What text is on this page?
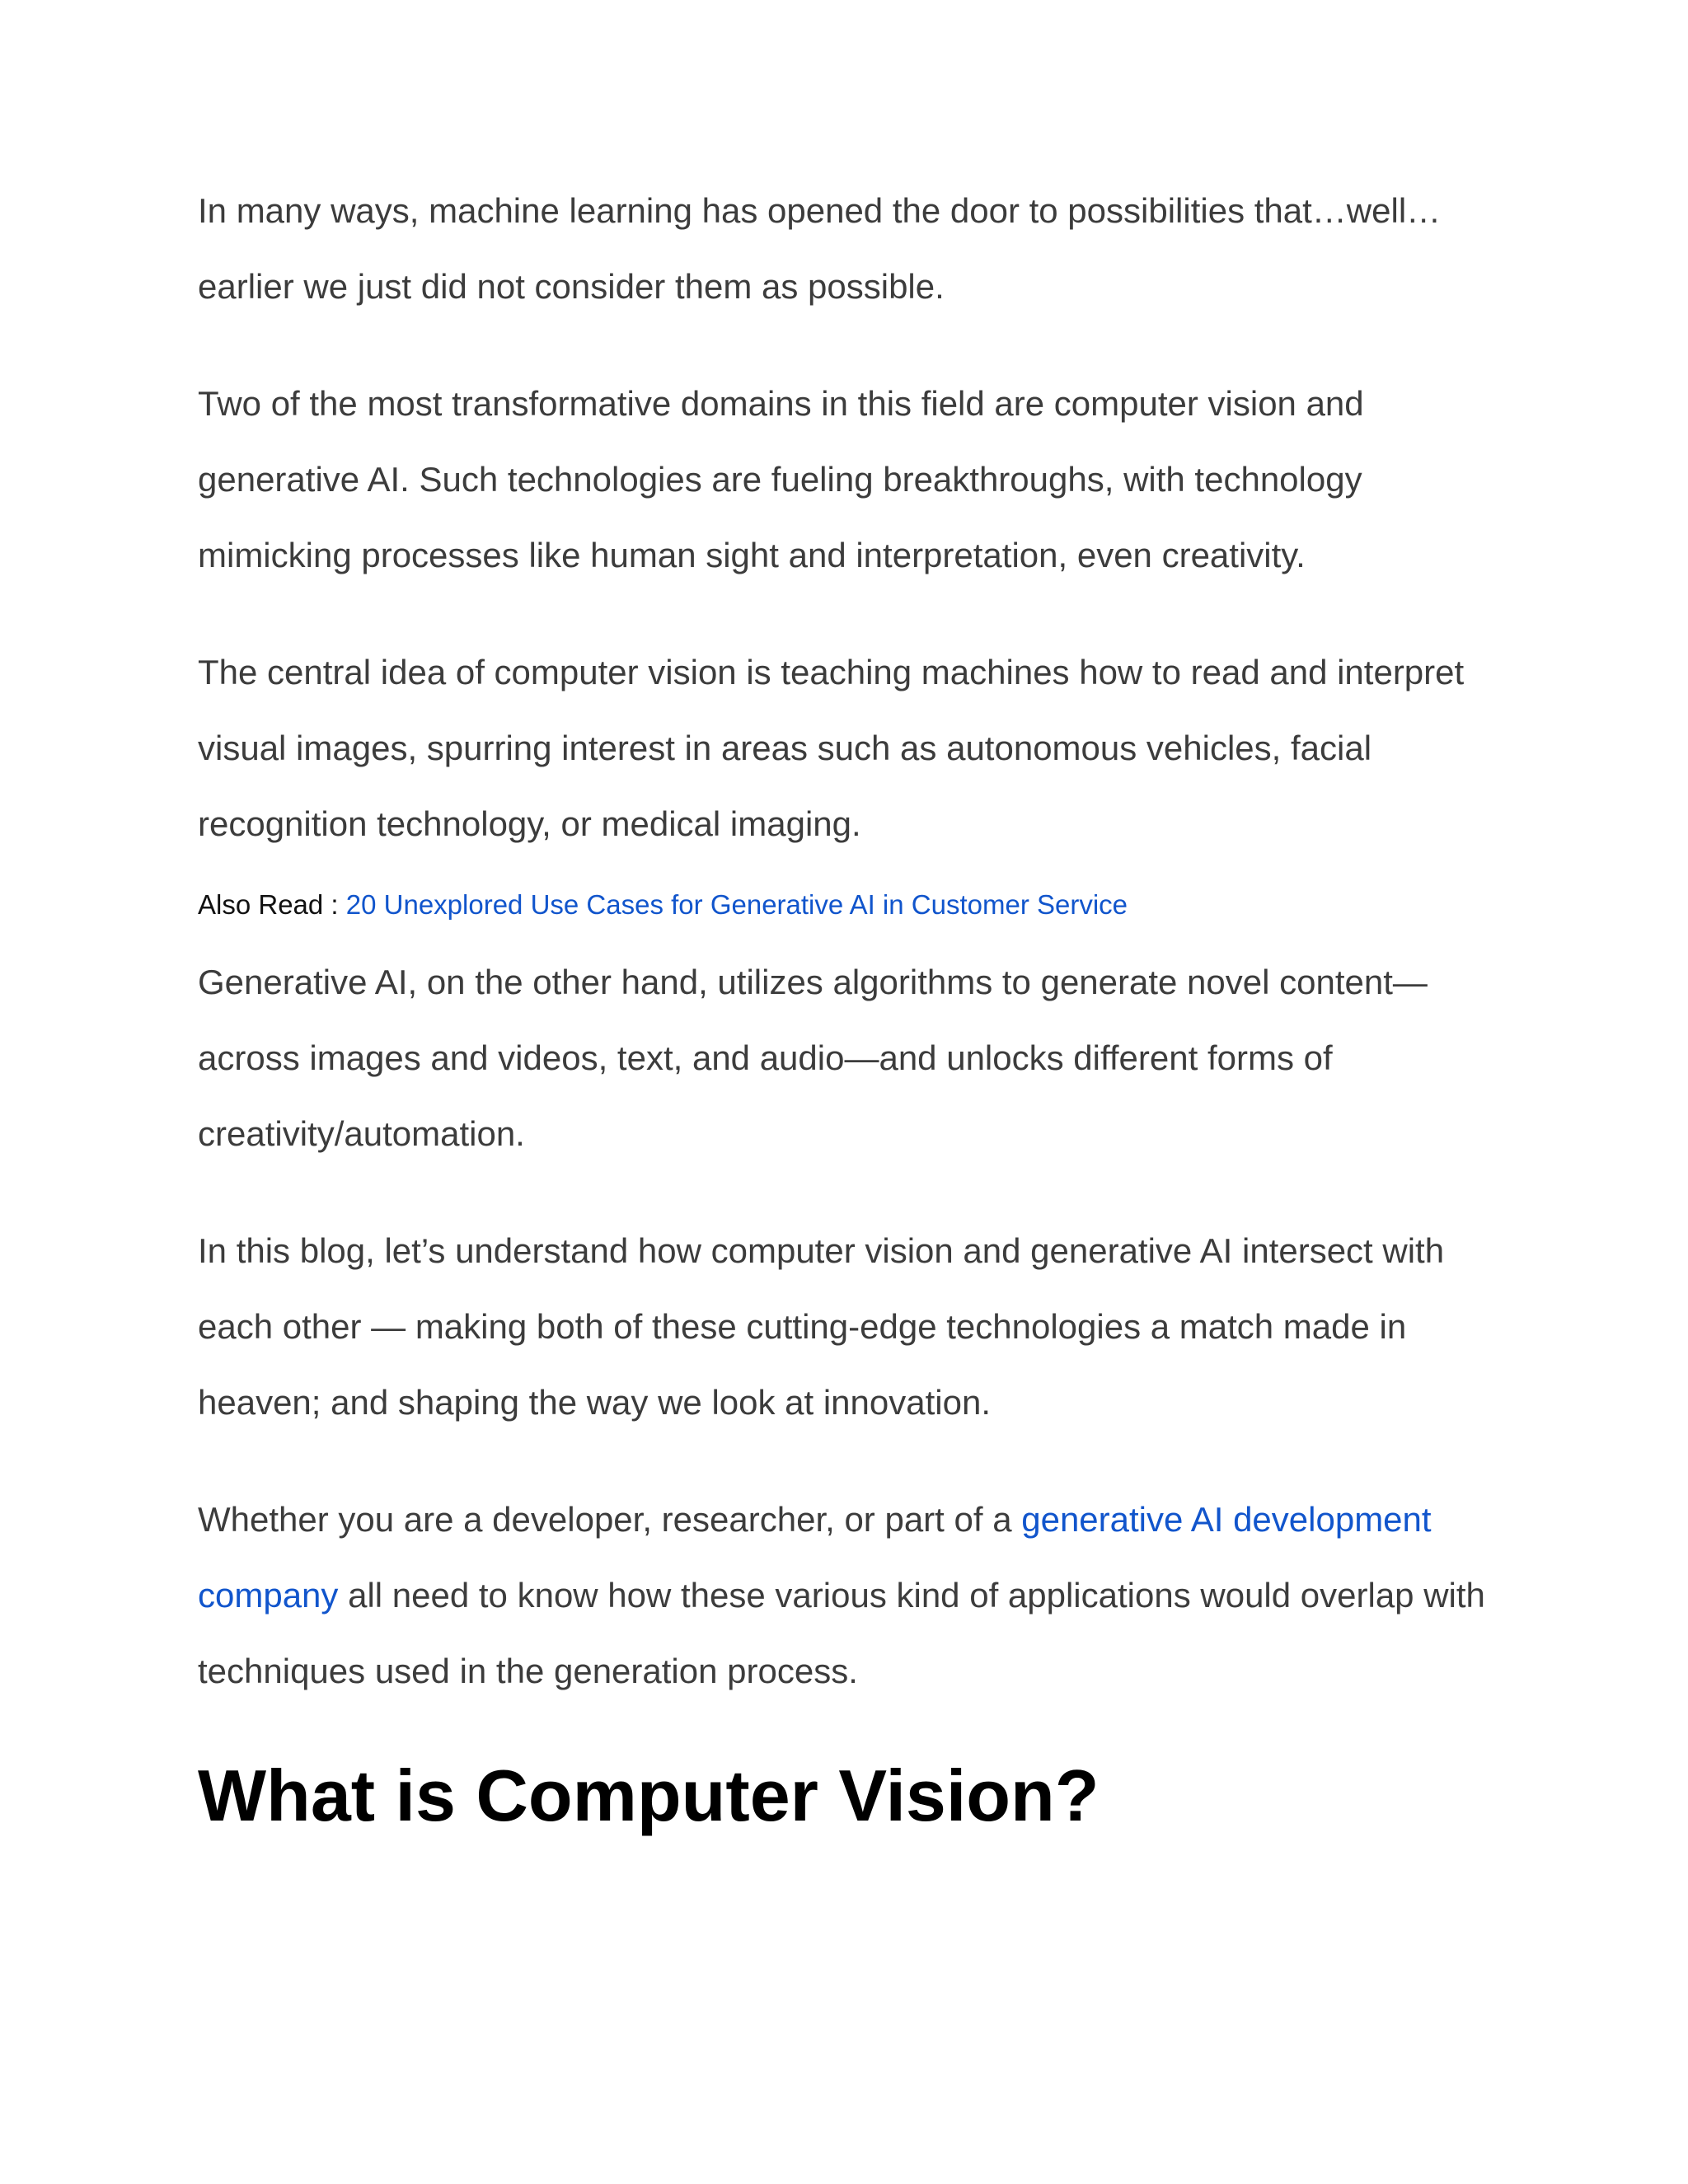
In many ways, machine learning has opened the door to possibilities that…well…earlier we just did not consider them as possible.

Two of the most transformative domains in this field are computer vision and generative AI. Such technologies are fueling breakthroughs, with technology mimicking processes like human sight and interpretation, even creativity.

The central idea of computer vision is teaching machines how to read and interpret visual images, spurring interest in areas such as autonomous vehicles, facial recognition technology, or medical imaging.

Also Read : 20 Unexplored Use Cases for Generative AI in Customer Service

Generative AI, on the other hand, utilizes algorithms to generate novel content—across images and videos, text, and audio—and unlocks different forms of creativity/automation.

In this blog, let’s understand how computer vision and generative AI intersect with each other — making both of these cutting-edge technologies a match made in heaven; and shaping the way we look at innovation.

Whether you are a developer, researcher, or part of a generative AI development company all need to know how these various kind of applications would overlap with techniques used in the generation process.

What is Computer Vision?
